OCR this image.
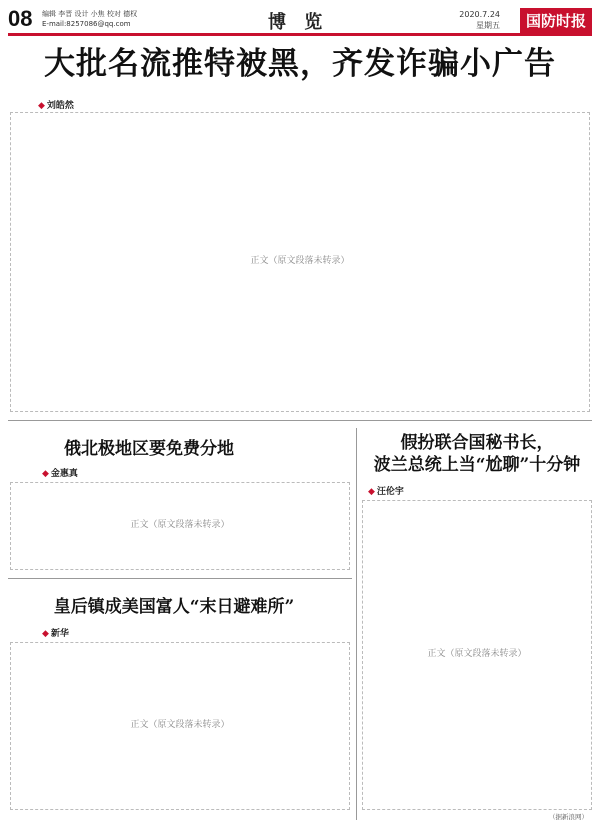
08 编辑 李晋 设计 小焦 校对 德权
E-mail:8257086@qq.com	博 览	2020.7.24
星期五	国防时报
大批名流推特被黑，齐发诈骗小广告
◆ 刘皓然
正文（原文段落未转录）
俄北极地区要免费分地
◆ 金惠真
正文（原文段落未转录）
假扮联合国秘书长，
波兰总统上当“尬聊”十分钟
◆ 汪伦宇
正文（原文段落未转录）
皇后镇成美国富人“末日避难所”
◆ 新华
正文（原文段落未转录）
（据新浪网）
